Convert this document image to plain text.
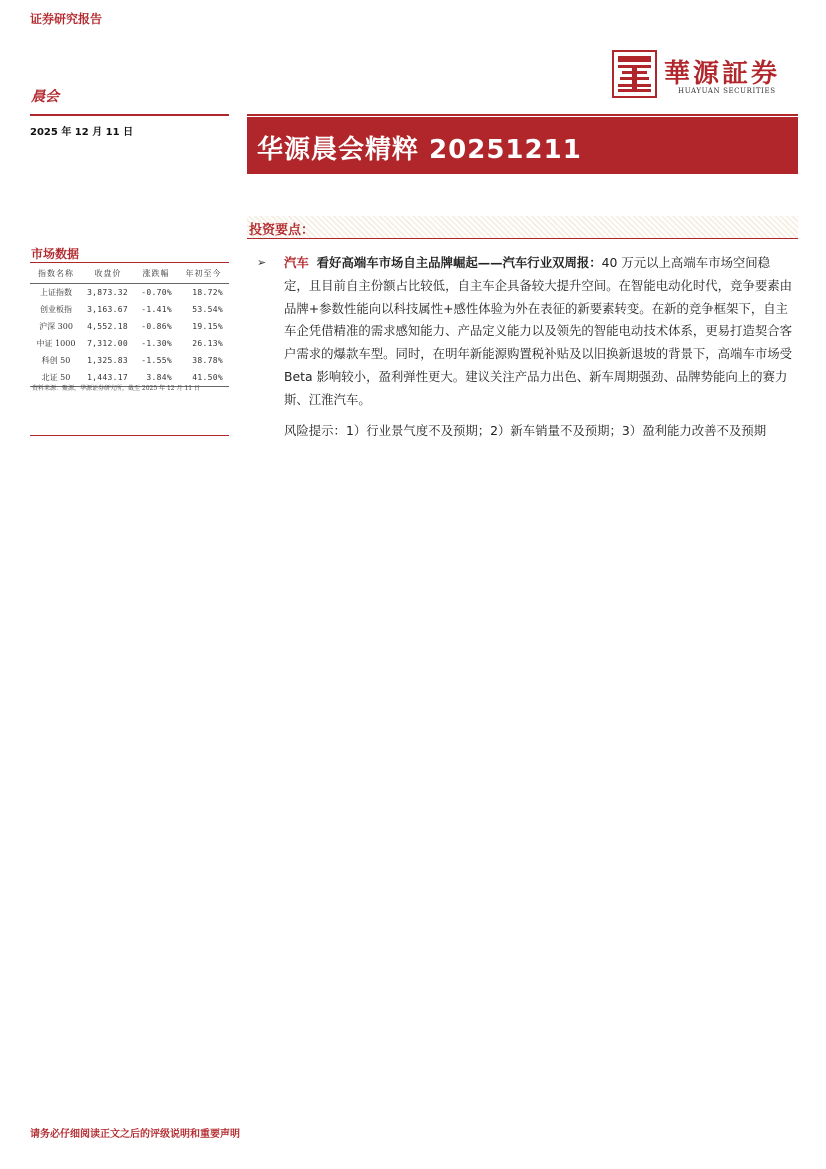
证券研究报告
華源証券
HUAYUAN SECURITIES
晨会
2025 年 12 月 11 日
华源晨会精粹 20251211
市场数据
指数名称	收盘价	涨跌幅	年初至今
上证指数	3,873.32	-0.70%	18.72%
创业板指	3,163.67	-1.41%	53.54%
沪深 300	4,552.18	-0.86%	19.15%
中证 1000	7,312.00	-1.30%	26.13%
科创 50	1,325.83	-1.55%	38.78%
北证 50	1,443.17	3.84%	41.50%
资料来源：聚源，华源证券研究所，截至 2025 年 12 月 11 日
投资要点：
➢ 汽车 看好高端车市场自主品牌崛起——汽车行业双周报：40 万元以上高端车市场空间稳定，且目前自主份额占比较低，自主车企具备较大提升空间。在智能电动化时代，竞争要素由品牌+参数性能向以科技属性+感性体验为外在表征的新要素转变。在新的竞争框架下，自主车企凭借精准的需求感知能力、产品定义能力以及领先的智能电动技术体系，更易打造契合客户需求的爆款车型。同时，在明年新能源购置税补贴及以旧换新退坡的背景下，高端车市场受 Beta 影响较小，盈利弹性更大。建议关注产品力出色、新车周期强劲、品牌势能向上的赛力斯、江淮汽车。
风险提示：1）行业景气度不及预期；2）新车销量不及预期；3）盈利能力改善不及预期
请务必仔细阅读正文之后的评级说明和重要声明
